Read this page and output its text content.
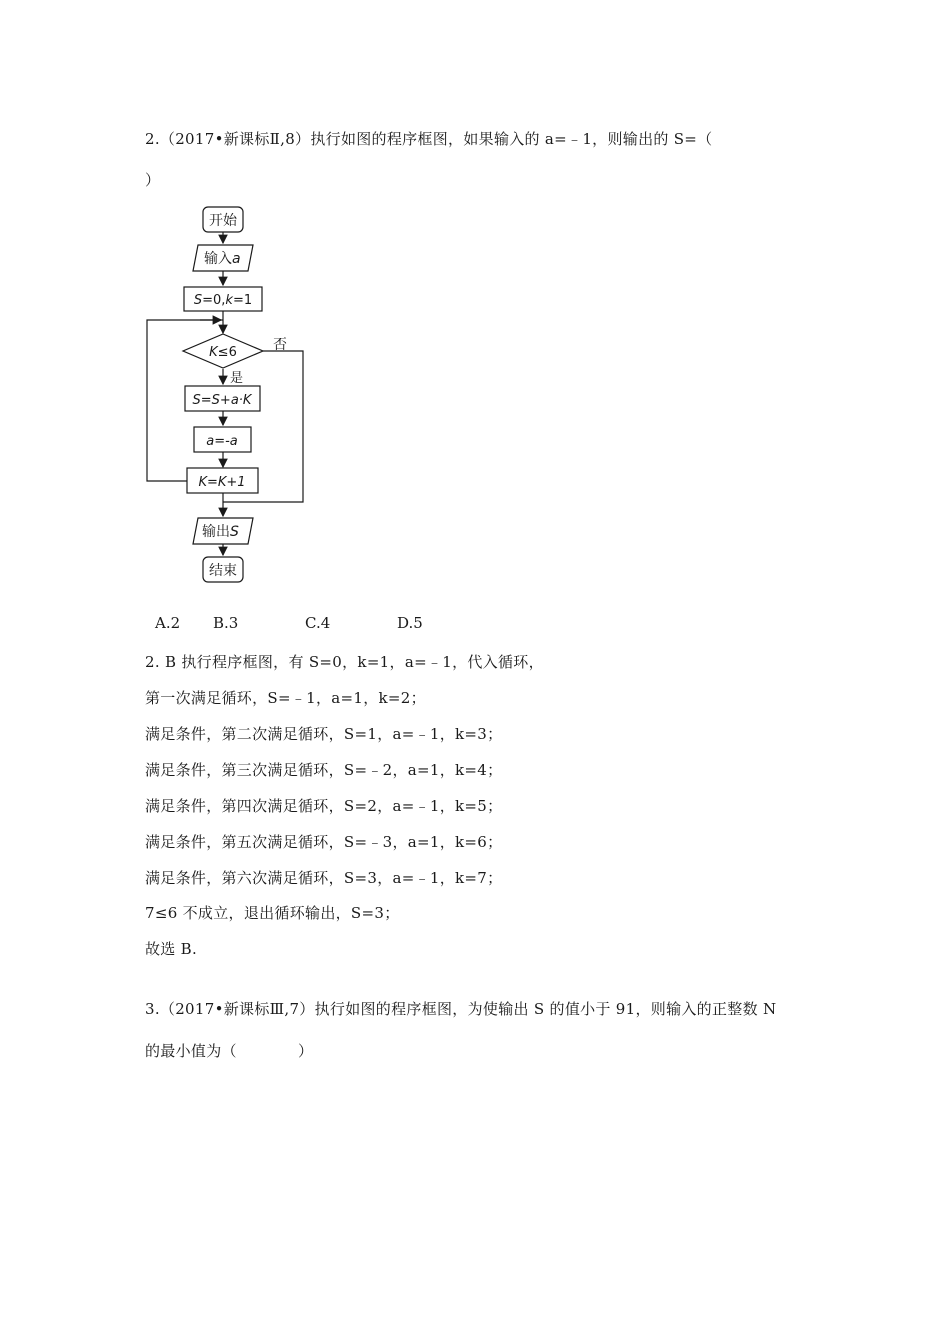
2.（2017•新课标Ⅱ,8）执行如图的程序框图，如果输入的 a=﹣1，则输出的 S=（
）
开始
输入a
S=0,k=1
K≤6	否
是
S=S+a·K
a=-a
K=K+1
输出S
结束
A.2 B.3	C.4	D.5
2. B 执行程序框图，有 S=0，k=1，a=﹣1，代入循环，
第一次满足循环，S=﹣1，a=1，k=2；
满足条件，第二次满足循环，S=1，a=﹣1，k=3；
满足条件，第三次满足循环，S=﹣2，a=1，k=4；
满足条件，第四次满足循环，S=2，a=﹣1，k=5；
满足条件，第五次满足循环，S=﹣3，a=1，k=6；
满足条件，第六次满足循环，S=3，a=﹣1，k=7；
7≤6 不成立，退出循环输出，S=3；
故选 B.
3.（2017•新课标Ⅲ,7）执行如图的程序框图，为使输出 S 的值小于 91，则输入的正整数 N
的最小值为（　　　　）
